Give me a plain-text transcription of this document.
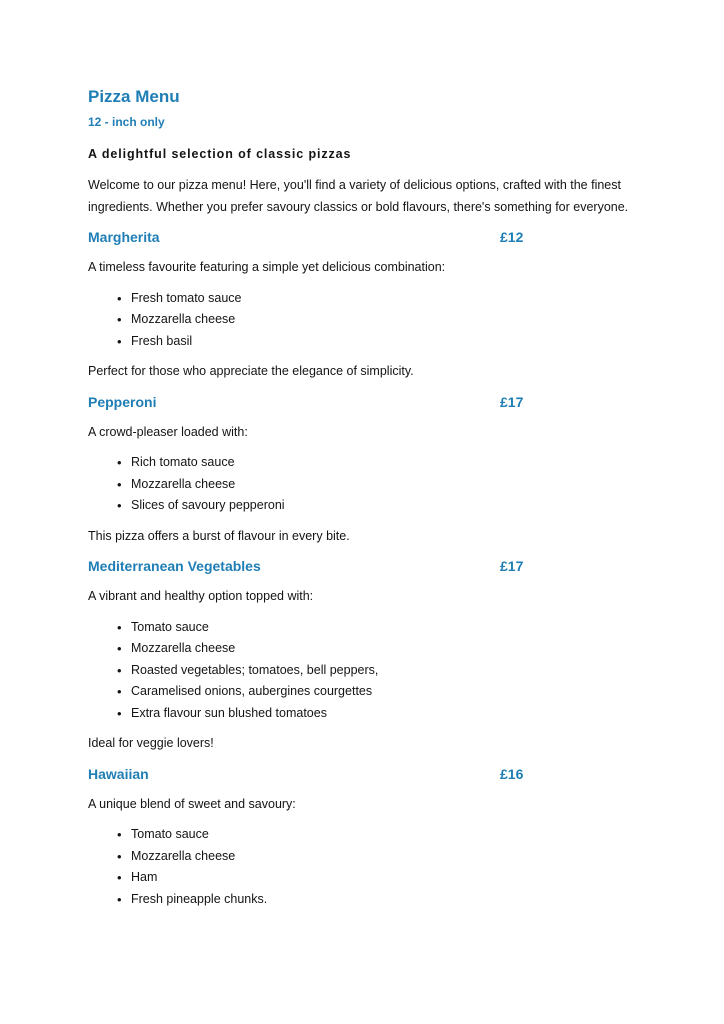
Pizza Menu
12 - inch only
A delightful selection of classic pizzas

Welcome to our pizza menu! Here, you'll find a variety of delicious options, crafted with the finest ingredients. Whether you prefer savoury classics or bold flavours, there's something for everyone.

Margherita	£12

A timeless favourite featuring a simple yet delicious combination:

• Fresh tomato sauce
• Mozzarella cheese
• Fresh basil

Perfect for those who appreciate the elegance of simplicity.

Pepperoni	£17

A crowd-pleaser loaded with:

• Rich tomato sauce
• Mozzarella cheese
• Slices of savoury pepperoni

This pizza offers a burst of flavour in every bite.

Mediterranean Vegetables	£17

A vibrant and healthy option topped with:

• Tomato sauce
• Mozzarella cheese
• Roasted vegetables; tomatoes, bell peppers,
• Caramelised onions, aubergines courgettes
• Extra flavour sun blushed tomatoes

Ideal for veggie lovers!

Hawaiian	£16

A unique blend of sweet and savoury:

• Tomato sauce
• Mozzarella cheese
• Ham
• Fresh pineapple chunks.
